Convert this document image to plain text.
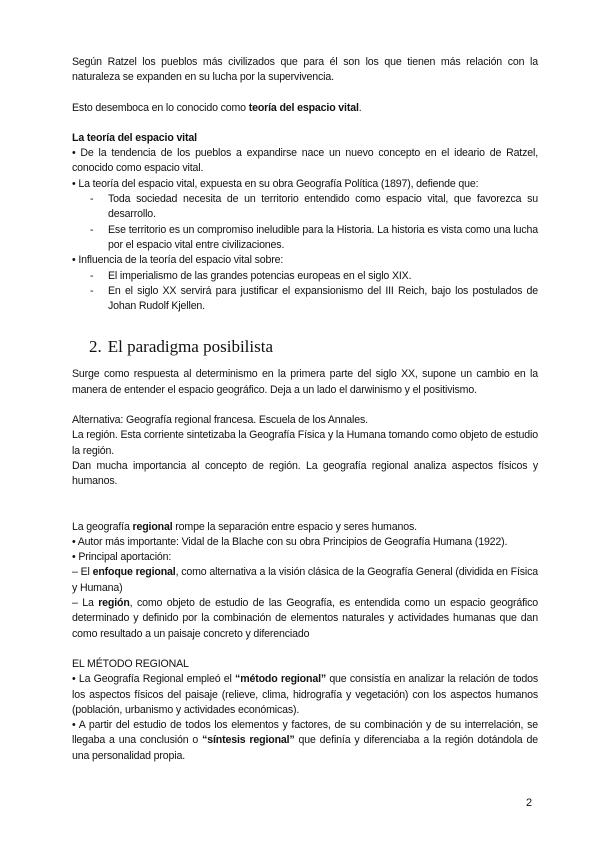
Según Ratzel los pueblos más civilizados que para él son los que tienen más relación con la naturaleza se expanden en su lucha por la supervivencia.

Esto desemboca en lo conocido como teoría del espacio vital.

La teoría del espacio vital

• De la tendencia de los pueblos a expandirse nace un nuevo concepto en el ideario de Ratzel, conocido como espacio vital.

• La teoría del espacio vital, expuesta en su obra Geografía Política (1897), defiende que:

- Toda sociedad necesita de un territorio entendido como espacio vital, que favorezca su desarrollo.
- Ese territorio es un compromiso ineludible para la Historia. La historia es vista como una lucha por el espacio vital entre civilizaciones.

• Influencia de la teoría del espacio vital sobre:

- El imperialismo de las grandes potencias europeas en el siglo XIX.
- En el siglo XX servirá para justificar el expansionismo del III Reich, bajo los postulados de Johan Rudolf Kjellen.
2. El paradigma posibilista

Surge como respuesta al determinismo en la primera parte del siglo XX, supone un cambio en la manera de entender el espacio geográfico. Deja a un lado el darwinismo y el positivismo.

Alternativa: Geografía regional francesa. Escuela de los Annales.

La región. Esta corriente sintetizaba la Geografía Física y la Humana tomando como objeto de estudio la región.

Dan mucha importancia al concepto de región. La geografía regional analiza aspectos físicos y humanos.

La geografía regional rompe la separación entre espacio y seres humanos.

• Autor más importante: Vidal de la Blache con su obra Principios de Geografía Humana (1922).

• Principal aportación:

– El enfoque regional, como alternativa a la visión clásica de la Geografía General (dividida en Física y Humana)

– La región, como objeto de estudio de las Geografía, es entendida como un espacio geográfico determinado y definido por la combinación de elementos naturales y actividades humanas que dan como resultado a un paisaje concreto y diferenciado

EL MÉTODO REGIONAL

• La Geografía Regional empleó el “método regional” que consistía en analizar la relación de todos los aspectos físicos del paisaje (relieve, clima, hidrografía y vegetación) con los aspectos humanos (población, urbanismo y actividades económicas).

• A partir del estudio de todos los elementos y factores, de su combinación y de su interrelación, se llegaba a una conclusión o “síntesis regional” que definía y diferenciaba a la región dotándola de una personalidad propia.

2
